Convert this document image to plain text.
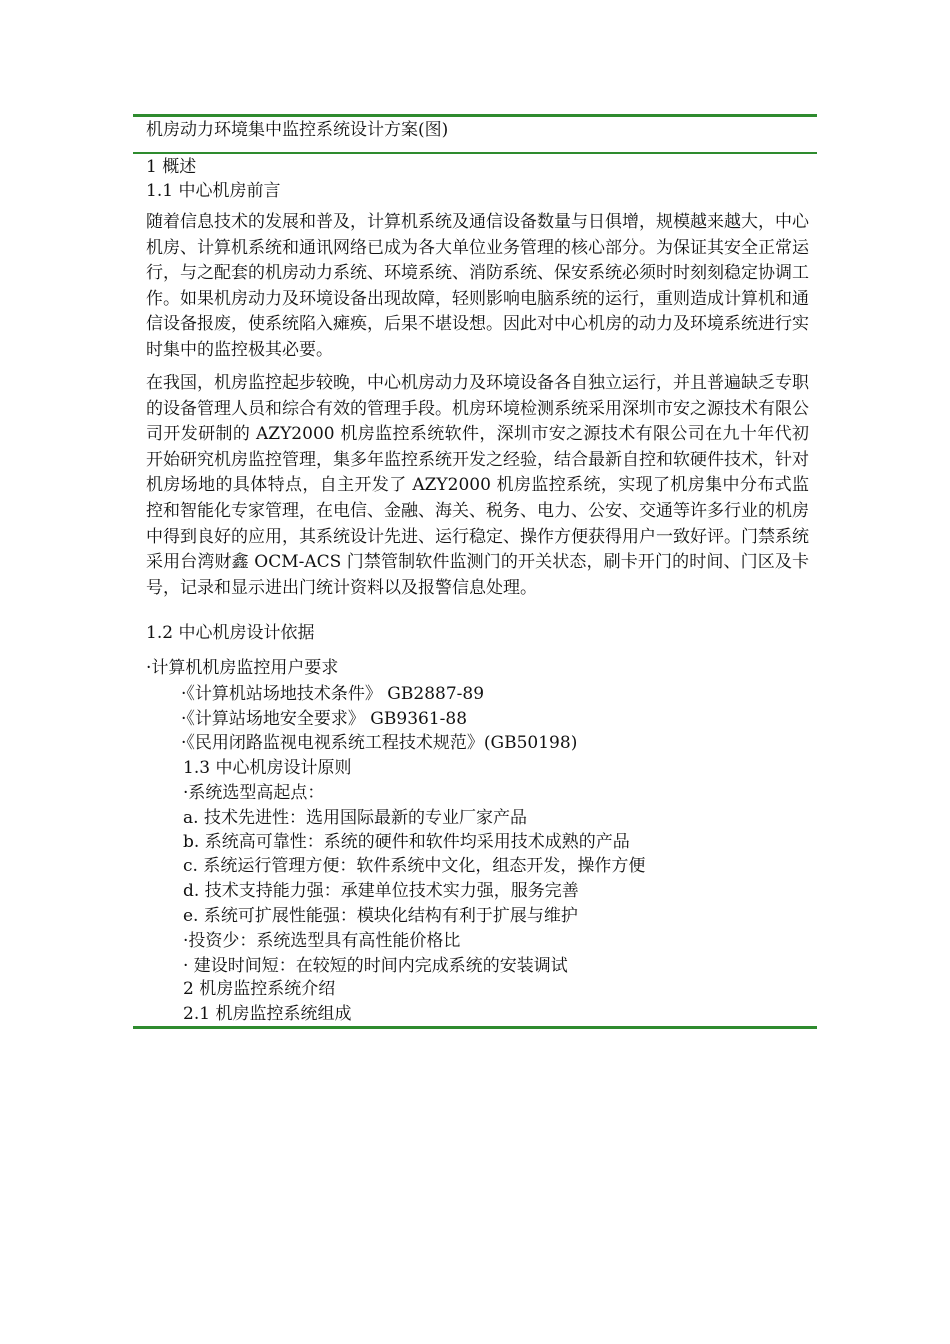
机房动力环境集中监控系统设计方案(图)
1 概述
1.1 中心机房前言
随着信息技术的发展和普及，计算机系统及通信设备数量与日俱增，规模越来越大，中心机房、计算机系统和通讯网络已成为各大单位业务管理的核心部分。为保证其安全正常运行，与之配套的机房动力系统、环境系统、消防系统、保安系统必须时时刻刻稳定协调工作。如果机房动力及环境设备出现故障，轻则影响电脑系统的运行，重则造成计算机和通信设备报废，使系统陷入瘫痪，后果不堪设想。因此对中心机房的动力及环境系统进行实时集中的监控极其必要。
在我国，机房监控起步较晚，中心机房动力及环境设备各自独立运行，并且普遍缺乏专职的设备管理人员和综合有效的管理手段。机房环境检测系统采用深圳市安之源技术有限公司开发研制的 AZY2000 机房监控系统软件，深圳市安之源技术有限公司在九十年代初开始研究机房监控管理，集多年监控系统开发之经验，结合最新自控和软硬件技术，针对机房场地的具体特点，自主开发了 AZY2000 机房监控系统，实现了机房集中分布式监控和智能化专家管理，在电信、金融、海关、税务、电力、公安、交通等许多行业的机房中得到良好的应用，其系统设计先进、运行稳定、操作方便获得用户一致好评。门禁系统采用台湾财鑫 OCM-ACS 门禁管制软件监测门的开关状态，刷卡开门的时间、门区及卡号，记录和显示进出门统计资料以及报警信息处理。
1.2 中心机房设计依据
·计算机机房监控用户要求
·《计算机站场地技术条件》 GB2887-89
·《计算站场地安全要求》 GB9361-88
·《民用闭路监视电视系统工程技术规范》(GB50198)
1.3 中心机房设计原则
·系统选型高起点：
a. 技术先进性：选用国际最新的专业厂家产品
b. 系统高可靠性：系统的硬件和软件均采用技术成熟的产品
c. 系统运行管理方便：软件系统中文化，组态开发，操作方便
d. 技术支持能力强：承建单位技术实力强，服务完善
e. 系统可扩展性能强：模块化结构有利于扩展与维护
·投资少：系统选型具有高性能价格比
· 建设时间短：在较短的时间内完成系统的安装调试
2 机房监控系统介绍
2.1 机房监控系统组成
